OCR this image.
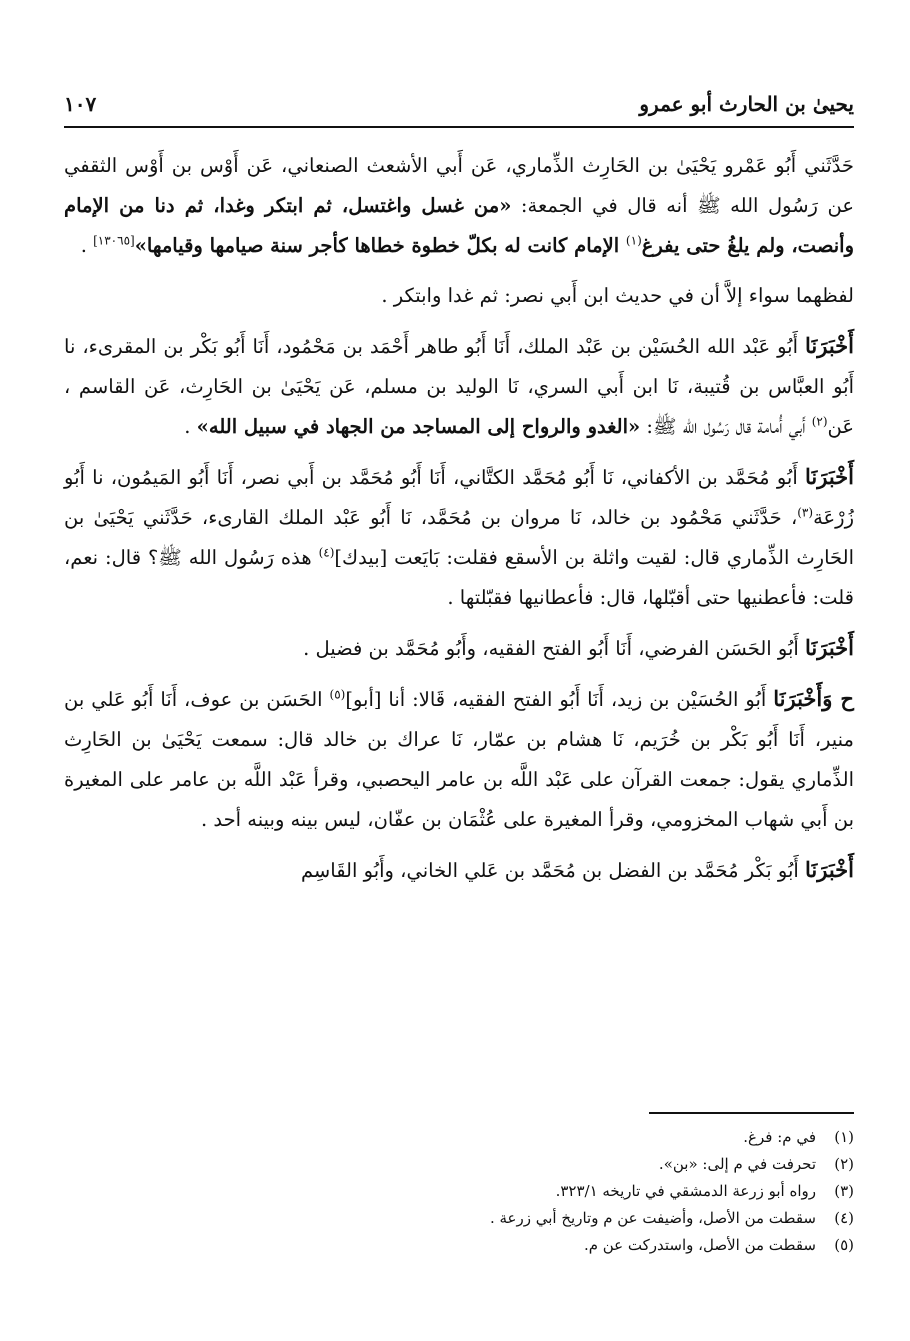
يحيىٰ بن الحارث أبو عمرو
١٠٧

حَدَّثَني أَبُو عَمْرو يَحْيَىٰ بن الحَارِث الذِّماري، عَن أَبي الأشعث الصنعاني، عَن أَوْس بن أَوْس الثقفي عن رَسُول الله ﷺ أنه قال في الجمعة: «من غسل واغتسل، ثم ابتكر وغدا، ثم دنا من الإمام وأنصت، ولم يلغُ حتى يفرغ$^{(١)}$ الإمام كانت له بكلّ خطوة خطاها كأجر سنة صيامها وقيامها»[١٣٠٦٥] .

لفظهما سواء إلاَّ أن في حديث ابن أَبي نصر: ثم غدا وابتكر .

أَخْبَرَنَا أَبُو عَبْد الله الحُسَيْن بن عَبْد الملك، أَنَا أَبُو طاهر أَحْمَد بن مَحْمُود، أَنَا أَبُو بَكْر بن المقرىء، نا أَبُو العبَّاس بن قُتيبة، نَا ابن أَبي السري، نَا الوليد بن مسلم، عَن يَحْيَىٰ بن الحَارِث، عَن القاسم ، عَن$^{(٢)}$ أَبي أُمامة قال رَسُول الله ﷺ: «الغدو والرواح إلى المساجد من الجهاد في سبيل الله» .

أَخْبَرَنَا أَبُو مُحَمَّد بن الأكفاني، نَا أَبُو مُحَمَّد الكتَّاني، أَنَا أَبُو مُحَمَّد بن أَبي نصر، أَنَا أَبُو المَيمُون، نا أَبُو زُرْعَة$^{(٣)}$، حَدَّثَني مَحْمُود بن خالد، نَا مروان بن مُحَمَّد، نَا أَبُو عَبْد الملك القارىء، حَدَّثَني يَحْيَىٰ بن الحَارِث الذِّماري قال: لقيت واثلة بن الأسقع فقلت: بَايَعت [بيدك]$^{(٤)}$ هذه رَسُول الله ﷺ؟ قال: نعم، قلت: فأعطنيها حتى أقبّلها، قال: فأعطانيها فقبّلتها .

أَخْبَرَنَا أَبُو الحَسَن الفرضي، أَنَا أَبُو الفتح الفقيه، وأَبُو مُحَمَّد بن فضيل .

ح وَأَخْبَرَنَا أَبُو الحُسَيْن بن زيد، أَنَا أَبُو الفتح الفقيه، قَالا: أنا [أبو]$^{(٥)}$ الحَسَن بن عوف، أَنَا أَبُو عَلي بن منير، أَنَا أَبُو بَكْر بن خُرَيم، نَا هشام بن عمّار، نَا عراك بن خالد قال: سمعت يَحْيَىٰ بن الحَارِث الذِّماري يقول: جمعت القرآن على عَبْد اللَّه بن عامر اليحصبي، وقرأ عَبْد اللَّه بن عامر على المغيرة بن أَبي شهاب المخزومي، وقرأ المغيرة على عُثْمَان بن عفّان، ليس بينه وبينه أحد .

أَخْبَرَنَا أَبُو بَكْر مُحَمَّد بن الفضل بن مُحَمَّد بن عَلي الخاني، وأَبُو القَاسِم

(١)
في م: فرغ.
(٢)
تحرفت في م إلى: «بن».
(٣)
رواه أبو زرعة الدمشقي في تاريخه ٣٢٣/١.
(٤)
سقطت من الأصل، وأضيفت عن م وتاريخ أبي زرعة .
(٥)
سقطت من الأصل، واستدركت عن م.
